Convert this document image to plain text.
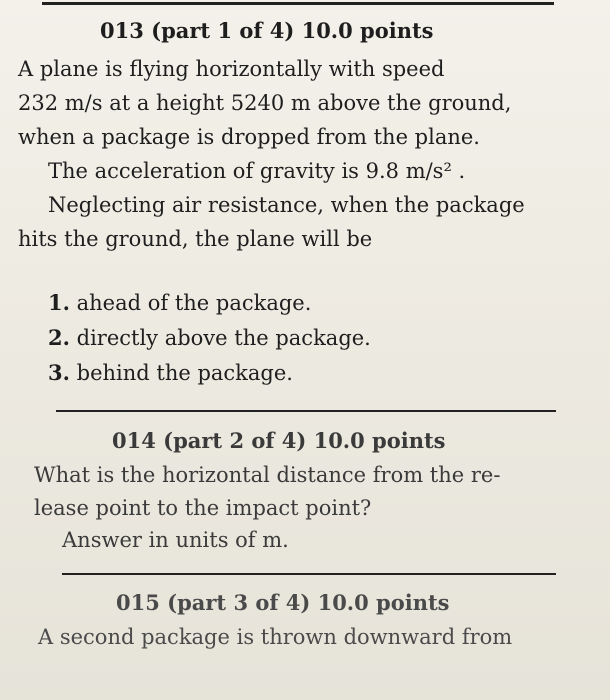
013 (part 1 of 4) 10.0 points
A plane is flying horizontally with speed
232 m/s at a height 5240 m above the ground,
when a package is dropped from the plane.
The acceleration of gravity is 9.8 m/s² .
Neglecting air resistance, when the package
hits the ground, the plane will be
1. ahead of the package.
2. directly above the package.
3. behind the package.
014 (part 2 of 4) 10.0 points
What is the horizontal distance from the re-
lease point to the impact point?
Answer in units of m.
015 (part 3 of 4) 10.0 points
A second package is thrown downward from
